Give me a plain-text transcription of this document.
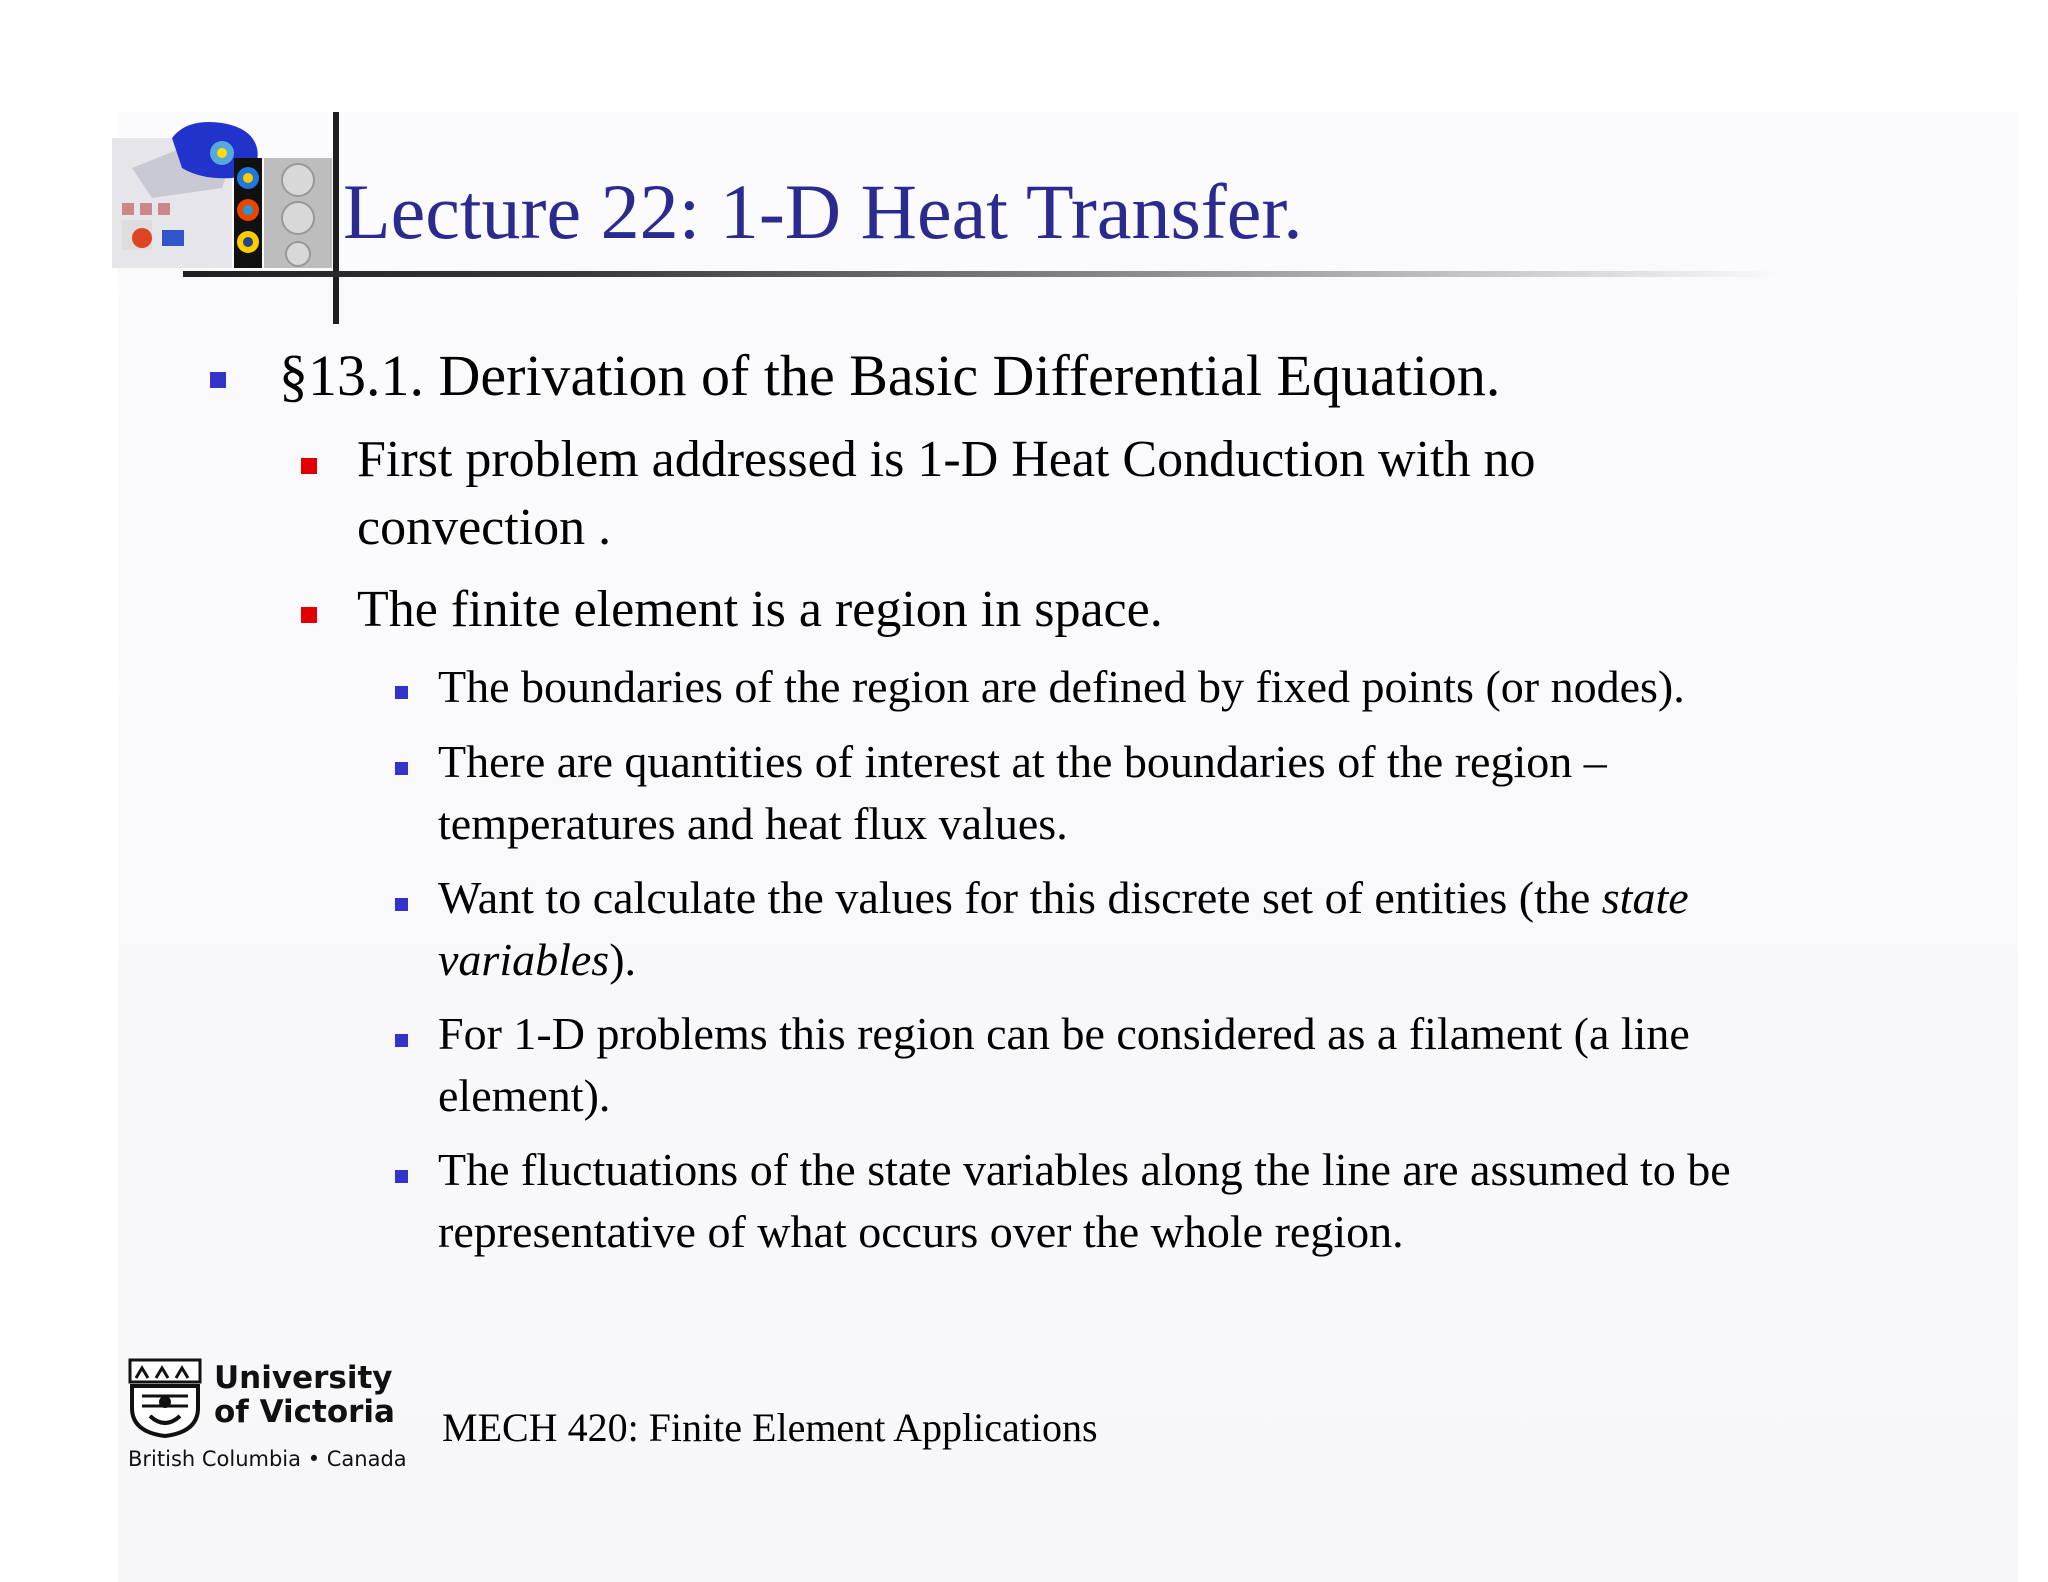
Lecture 22: 1-D Heat Transfer.
§13.1. Derivation of the Basic Differential Equation.
First problem addressed is 1-D Heat Conduction with no
convection .
The finite element is a region in space.
The boundaries of the region are defined by fixed points (or nodes).
There are quantities of interest at the boundaries of the region –
temperatures and heat flux values.
Want to calculate the values for this discrete set of entities (the state
variables).
For 1-D problems this region can be considered as a filament (a line
element).
The fluctuations of the state variables along the line are assumed to be
representative of what occurs over the whole region.
University
of Victoria
British Columbia • Canada
MECH 420: Finite Element Applications
